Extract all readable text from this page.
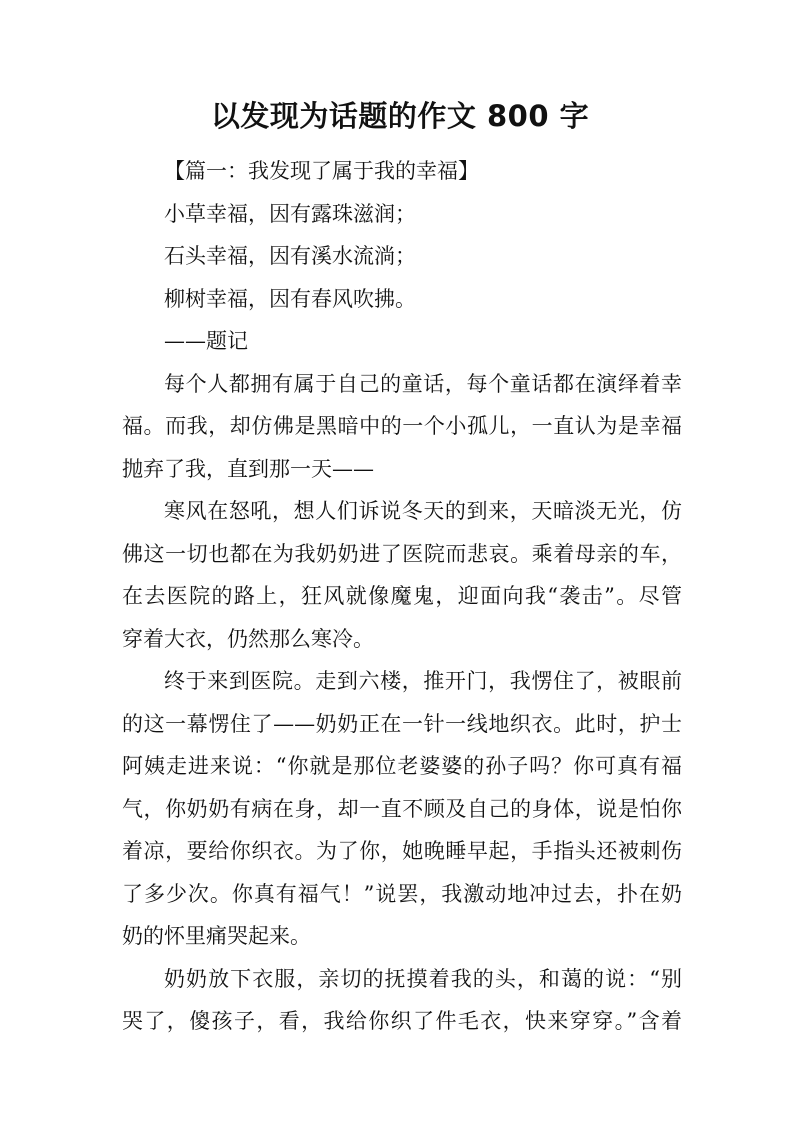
以发现为话题的作文 800 字
【篇一：我发现了属于我的幸福】
小草幸福，因有露珠滋润；
石头幸福，因有溪水流淌；
柳树幸福，因有春风吹拂。
——题记
每个人都拥有属于自己的童话，每个童话都在演绎着幸
福。而我，却仿佛是黑暗中的一个小孤儿，一直认为是幸福
抛弃了我，直到那一天——
寒风在怒吼，想人们诉说冬天的到来，天暗淡无光，仿
佛这一切也都在为我奶奶进了医院而悲哀。乘着母亲的车，
在去医院的路上，狂风就像魔鬼，迎面向我“袭击”。尽管
穿着大衣，仍然那么寒冷。
终于来到医院。走到六楼，推开门，我愣住了，被眼前
的这一幕愣住了——奶奶正在一针一线地织衣。此时，护士
阿姨走进来说：“你就是那位老婆婆的孙子吗？你可真有福
气，你奶奶有病在身，却一直不顾及自己的身体，说是怕你
着凉，要给你织衣。为了你，她晚睡早起，手指头还被刺伤
了多少次。你真有福气！”说罢，我激动地冲过去，扑在奶
奶的怀里痛哭起来。
奶奶放下衣服，亲切的抚摸着我的头，和蔼的说：“别
哭了，傻孩子，看，我给你织了件毛衣，快来穿穿。”含着
